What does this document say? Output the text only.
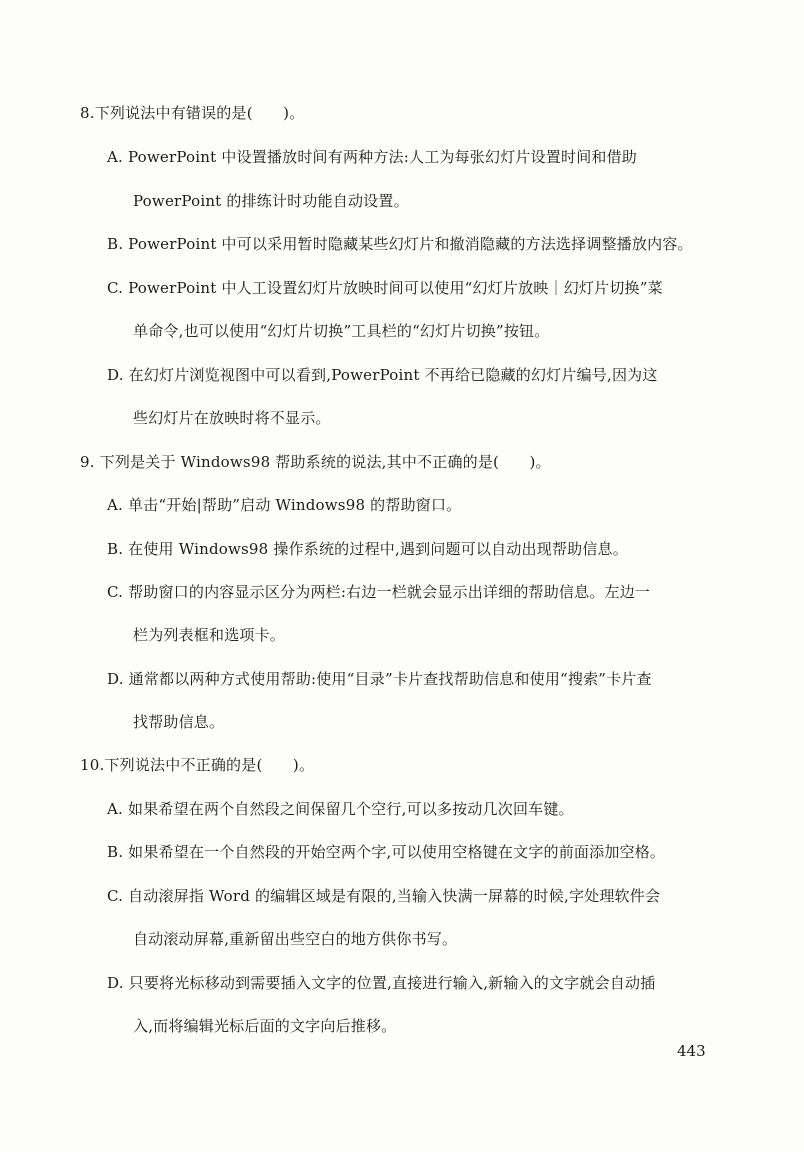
8.下列说法中有错误的是(　　)。
A. PowerPoint 中设置播放时间有两种方法:人工为每张幻灯片设置时间和借助
PowerPoint 的排练计时功能自动设置。
B. PowerPoint 中可以采用暂时隐藏某些幻灯片和撤消隐藏的方法选择调整播放内容。
C. PowerPoint 中人工设置幻灯片放映时间可以使用“幻灯片放映｜幻灯片切换”菜
单命令,也可以使用“幻灯片切换”工具栏的“幻灯片切换”按钮。
D. 在幻灯片浏览视图中可以看到,PowerPoint 不再给已隐藏的幻灯片编号,因为这
些幻灯片在放映时将不显示。
9. 下列是关于 Windows98 帮助系统的说法,其中不正确的是(　　)。
A. 单击“开始|帮助”启动 Windows98 的帮助窗口。
B. 在使用 Windows98 操作系统的过程中,遇到问题可以自动出现帮助信息。
C. 帮助窗口的内容显示区分为两栏:右边一栏就会显示出详细的帮助信息。左边一
栏为列表框和选项卡。
D. 通常都以两种方式使用帮助:使用“目录”卡片查找帮助信息和使用“搜索”卡片查
找帮助信息。
10.下列说法中不正确的是(　　)。
A. 如果希望在两个自然段之间保留几个空行,可以多按动几次回车键。
B. 如果希望在一个自然段的开始空两个字,可以使用空格键在文字的前面添加空格。
C. 自动滚屏指 Word 的编辑区域是有限的,当输入快满一屏幕的时候,字处理软件会
自动滚动屏幕,重新留出些空白的地方供你书写。
D. 只要将光标移动到需要插入文字的位置,直接进行输入,新输入的文字就会自动插
入,而将编辑光标后面的文字向后推移。
443
